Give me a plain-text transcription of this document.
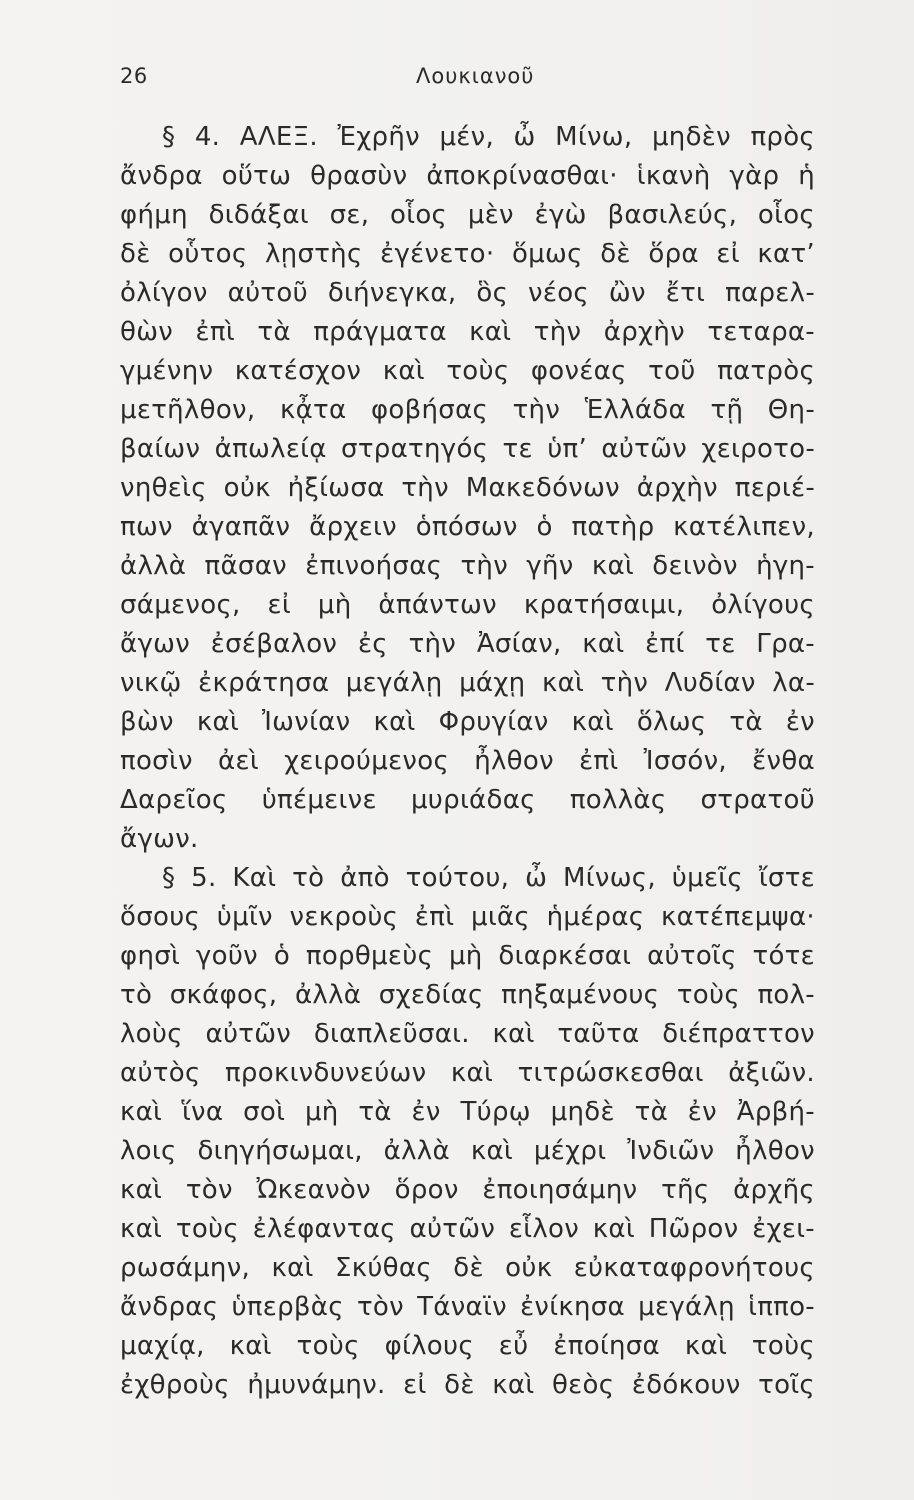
26	Λουκιανοῦ
§ 4. ΑΛΕΞ. Ἐχρῆν μέν, ὦ Μίνω, μηδὲν πρὸς
ἄνδρα οὕτω θρασὺν ἀποκρίνασθαι· ἱκανὴ γὰρ ἡ
φήμη διδάξαι σε, οἷος μὲν ἐγὼ βασιλεύς, οἷος
δὲ οὗτος λῃστὴς ἐγένετο· ὅμως δὲ ὅρα εἰ κατ’
ὀλίγον αὐτοῦ διήνεγκα, ὃς νέος ὢν ἔτι παρελ-
θὼν ἐπὶ τὰ πράγματα καὶ τὴν ἀρχὴν τεταρα-
γμένην κατέσχον καὶ τοὺς φονέας τοῦ πατρὸς
μετῆλθον, κᾆτα φοβήσας τὴν Ἑλλάδα τῇ Θη-
βαίων ἀπωλείᾳ στρατηγός τε ὑπ’ αὐτῶν χειροτο-
νηθεὶς οὐκ ἠξίωσα τὴν Μακεδόνων ἀρχὴν περιέ-
πων ἀγαπᾶν ἄρχειν ὁπόσων ὁ πατὴρ κατέλιπεν,
ἀλλὰ πᾶσαν ἐπινοήσας τὴν γῆν καὶ δεινὸν ἡγη-
σάμενος, εἰ μὴ ἁπάντων κρατήσαιμι, ὀλίγους
ἄγων ἐσέβαλον ἐς τὴν Ἀσίαν, καὶ ἐπί τε Γρα-
νικῷ ἐκράτησα μεγάλῃ μάχῃ καὶ τὴν Λυδίαν λα-
βὼν καὶ Ἰωνίαν καὶ Φρυγίαν καὶ ὅλως τὰ ἐν
ποσὶν ἀεὶ χειρούμενος ἦλθον ἐπὶ Ἰσσόν, ἔνθα
Δαρεῖος ὑπέμεινε μυριάδας πολλὰς στρατοῦ
ἄγων.
§ 5. Καὶ τὸ ἀπὸ τούτου, ὦ Μίνως, ὑμεῖς ἴστε
ὅσους ὑμῖν νεκροὺς ἐπὶ μιᾶς ἡμέρας κατέπεμψα·
φησὶ γοῦν ὁ πορθμεὺς μὴ διαρκέσαι αὐτοῖς τότε
τὸ σκάφος, ἀλλὰ σχεδίας πηξαμένους τοὺς πολ-
λοὺς αὐτῶν διαπλεῦσαι. καὶ ταῦτα διέπραττον
αὐτὸς προκινδυνεύων καὶ τιτρώσκεσθαι ἀξιῶν.
καὶ ἵνα σοὶ μὴ τὰ ἐν Τύρῳ μηδὲ τὰ ἐν Ἀρβή-
λοις διηγήσωμαι, ἀλλὰ καὶ μέχρι Ἰνδιῶν ἦλθον
καὶ τὸν Ὠκεανὸν ὅρον ἐποιησάμην τῆς ἀρχῆς
καὶ τοὺς ἐλέφαντας αὐτῶν εἷλον καὶ Πῶρον ἐχει-
ρωσάμην, καὶ Σκύθας δὲ οὐκ εὐκαταφρονήτους
ἄνδρας ὑπερβὰς τὸν Τάναϊν ἐνίκησα μεγάλῃ ἱππο-
μαχίᾳ, καὶ τοὺς φίλους εὖ ἐποίησα καὶ τοὺς
ἐχθροὺς ἠμυνάμην. εἰ δὲ καὶ θεὸς ἐδόκουν τοῖς
